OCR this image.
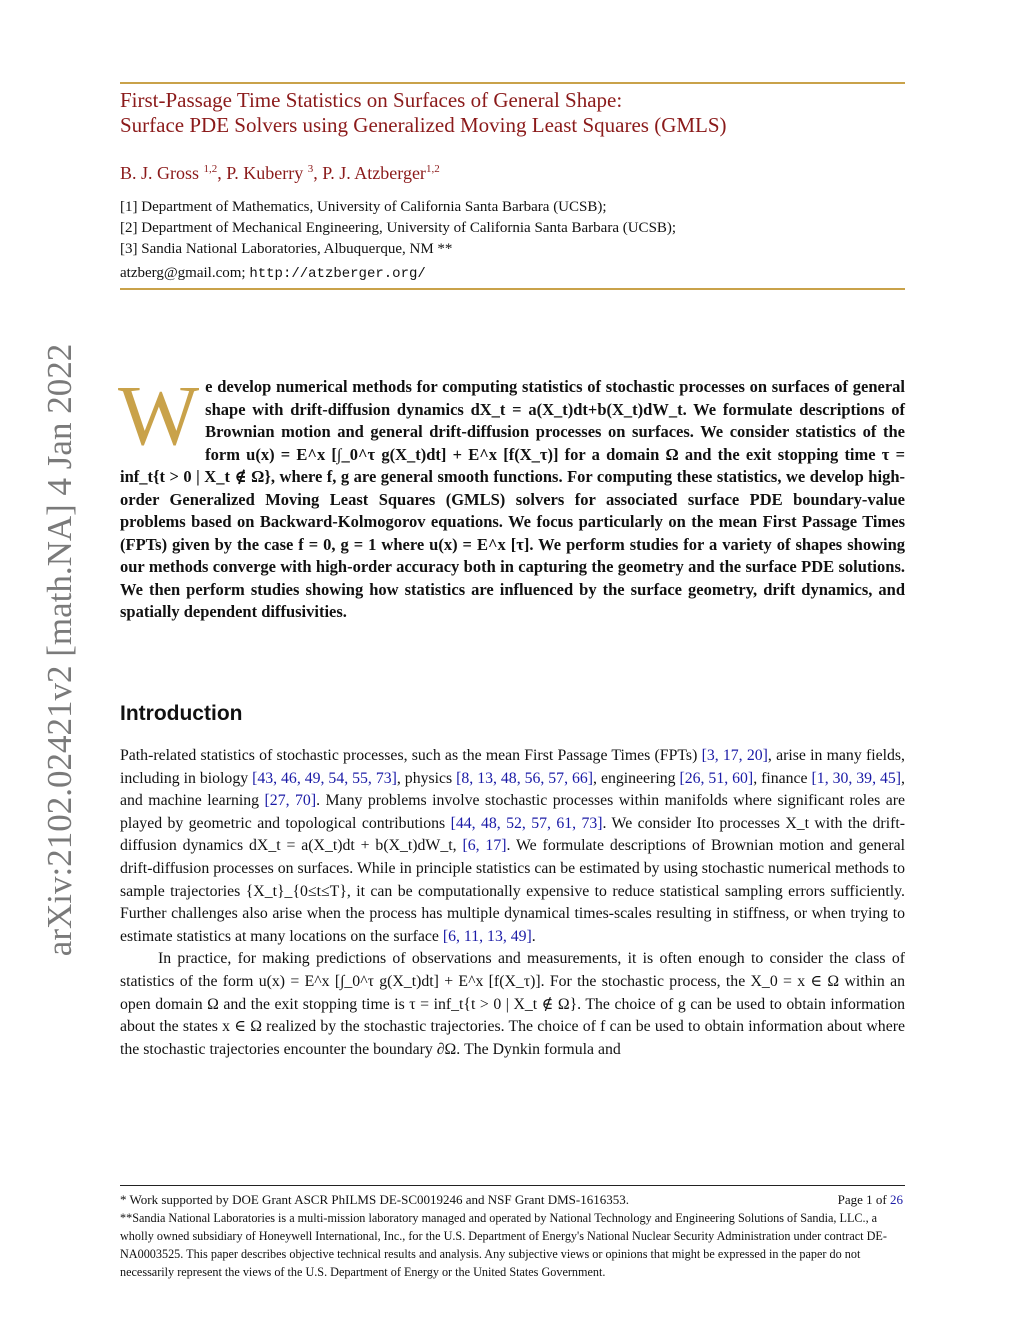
First-Passage Time Statistics on Surfaces of General Shape:
Surface PDE Solvers using Generalized Moving Least Squares (GMLS)
B. J. Gross $^{1,2}$, P. Kuberry $^3$, P. J. Atzberger$^{1,2}$
[1] Department of Mathematics, University of California Santa Barbara (UCSB);
[2] Department of Mechanical Engineering, University of California Santa Barbara (UCSB);
[3] Sandia National Laboratories, Albuquerque, NM **
atzberg@gmail.com; http://atzberger.org/
arXiv:2102.02421v2 [math.NA] 4 Jan 2022 W e develop numerical methods for computing statistics of stochastic processes on surfaces of general shape with drift-diffusion dynamics dX_t = a(X_t)dt+b(X_t)dW_t. We formulate descriptions of Brownian motion and general drift-diffusion processes on surfaces. We consider statistics of the form u(x) = E^x [∫_0^τ g(X_t)dt] + E^x [f(X_τ)] for a domain Ω and the exit stopping time τ = inf_t{t > 0 | X_t ∉ Ω}, where f, g are general smooth functions. For computing these statistics, we develop high-order Generalized Moving Least Squares (GMLS) solvers for associated surface PDE boundary-value problems based on Backward-Kolmogorov equations. We focus particularly on the mean First Passage Times (FPTs) given by the case f = 0, g = 1 where u(x) = E^x [τ]. We perform studies for a variety of shapes showing our methods converge with high-order accuracy both in capturing the geometry and the surface PDE solutions. We then perform studies showing how statistics are influenced by the surface geometry, drift dynamics, and spatially dependent diffusivities.
Introduction

Path-related statistics of stochastic processes, such as the mean First Passage Times (FPTs) [3, 17, 20], arise in many fields, including in biology [43, 46, 49, 54, 55, 73], physics [8, 13, 48, 56, 57, 66], engineering [26, 51, 60], finance [1, 30, 39, 45], and machine learning [27, 70]. Many problems involve stochastic processes within manifolds where significant roles are played by geometric and topological contributions [44, 48, 52, 57, 61, 73]. We consider Ito processes X_t with the drift-diffusion dynamics dX_t = a(X_t)dt + b(X_t)dW_t, [6, 17]. We formulate descriptions of Brownian motion and general drift-diffusion processes on surfaces. While in principle statistics can be estimated by using stochastic numerical methods to sample trajectories {X_t}_{0≤t≤T}, it can be computationally expensive to reduce statistical sampling errors sufficiently. Further challenges also arise when the process has multiple dynamical times-scales resulting in stiffness, or when trying to estimate statistics at many locations on the surface [6, 11, 13, 49].

In practice, for making predictions of observations and measurements, it is often enough to consider the class of statistics of the form u(x) = E^x [∫_0^τ g(X_t)dt] + E^x [f(X_τ)]. For the stochastic process, the X_0 = x ∈ Ω within an open domain Ω and the exit stopping time is τ = inf_t{t > 0 | X_t ∉ Ω}. The choice of g can be used to obtain information about the states x ∈ Ω realized by the stochastic trajectories. The choice of f can be used to obtain information about where the stochastic trajectories encounter the boundary ∂Ω. The Dynkin formula and

* Work supported by DOE Grant ASCR PhILMS DE-SC0019246 and NSF Grant DMS-1616353.	Page 1 of 26
**Sandia National Laboratories is a multi-mission laboratory managed and operated by National Technology and Engineering Solutions of Sandia, LLC., a wholly owned subsidiary of Honeywell International, Inc., for the U.S. Department of Energy's National Nuclear Security Administration under contract DE-NA0003525. This paper describes objective technical results and analysis. Any subjective views or opinions that might be expressed in the paper do not necessarily represent the views of the U.S. Department of Energy or the United States Government.
